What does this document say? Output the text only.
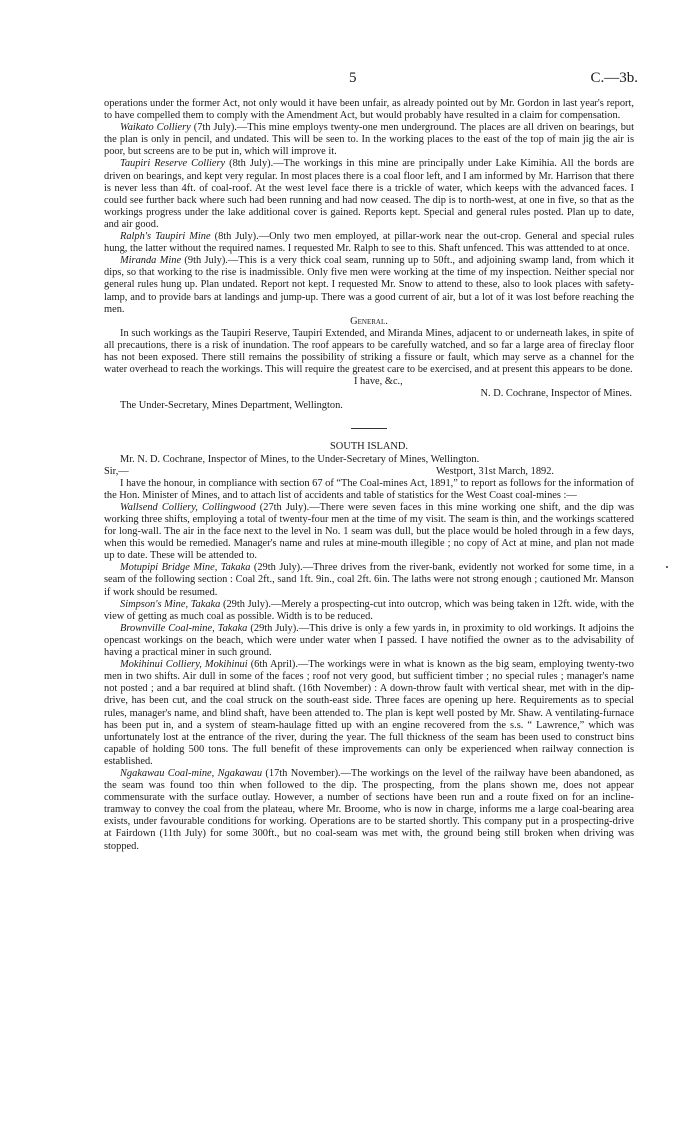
5	C.—3b.

operations under the former Act, not only would it have been unfair, as already pointed out by Mr. Gordon in last year's report, to have compelled them to comply with the Amendment Act, but would probably have resulted in a claim for compensation.

Waikato Colliery (7th July).—This mine employs twenty-one men underground. The places are all driven on bearings, but the plan is only in pencil, and undated. This will be seen to. In the working places to the east of the top of main jig the air is poor, but screens are to be put in, which will improve it.

Taupiri Reserve Colliery (8th July).—The workings in this mine are principally under Lake Kimihia. All the bords are driven on bearings, and kept very regular. In most places there is a coal floor left, and I am informed by Mr. Harrison that there is never less than 4ft. of coal-roof. At the west level face there is a trickle of water, which keeps with the advanced faces. I could see further back where such had been running and had now ceased. The dip is to north-west, at one in five, so that as the workings progress under the lake additional cover is gained. Reports kept. Special and general rules posted. Plan up to date, and air good.

Ralph's Taupiri Mine (8th July).—Only two men employed, at pillar-work near the out-crop. General and special rules hung, the latter without the required names. I requested Mr. Ralph to see to this. Shaft unfenced. This was atttended to at once.

Miranda Mine (9th July).—This is a very thick coal seam, running up to 50ft., and adjoining swamp land, from which it dips, so that working to the rise is inadmissible. Only five men were working at the time of my inspection. Neither special nor general rules hung up. Plan undated. Report not kept. I requested Mr. Snow to attend to these, also to look places with safety-lamp, and to provide bars at landings and jump-up. There was a good current of air, but a lot of it was lost before reaching the men.

General.

In such workings as the Taupiri Reserve, Taupiri Extended, and Miranda Mines, adjacent to or underneath lakes, in spite of all precautions, there is a risk of inundation. The roof appears to be carefully watched, and so far a large area of fireclay floor has not been exposed. There still remains the possibility of striking a fissure or fault, which may serve as a channel for the water overhead to reach the workings. This will require the greatest care to be exercised, and at present this appears to be done.

I have, &c.,

N. D. Cochrane, Inspector of Mines.

The Under-Secretary, Mines Department, Wellington.

SOUTH ISLAND.

Mr. N. D. Cochrane, Inspector of Mines, to the Under-Secretary of Mines, Wellington.

Sir,—	Westport, 31st March, 1892.

I have the honour, in compliance with section 67 of “The Coal-mines Act, 1891,” to report as follows for the information of the Hon. Minister of Mines, and to attach list of accidents and table of statistics for the West Coast coal-mines :—

Wallsend Colliery, Collingwood (27th July).—There were seven faces in this mine working one shift, and the dip was working three shifts, employing a total of twenty-four men at the time of my visit. The seam is thin, and the workings scattered for long-wall. The air in the face next to the level in No. 1 seam was dull, but the place would be holed through in a few days, when this would be remedied. Manager's name and rules at mine-mouth illegible ; no copy of Act at mine, and plan not made up to date. These will be attended to.

Motupipi Bridge Mine, Takaka (29th July).—Three drives from the river-bank, evidently not worked for some time, in a seam of the following section : Coal 2ft., sand 1ft. 9in., coal 2ft. 6in. The laths were not strong enough ; cautioned Mr. Manson if work should be resumed.

Simpson's Mine, Takaka (29th July).—Merely a prospecting-cut into outcrop, which was being taken in 12ft. wide, with the view of getting as much coal as possible. Width is to be reduced.

Brownville Coal-mine, Takaka (29th July).—This drive is only a few yards in, in proximity to old workings. It adjoins the opencast workings on the beach, which were under water when I passed. I have notified the owner as to the advisability of having a practical miner in such ground.

Mokihinui Colliery, Mokihinui (6th April).—The workings were in what is known as the big seam, employing twenty-two men in two shifts. Air dull in some of the faces ; roof not very good, but sufficient timber ; no special rules ; manager's name not posted ; and a bar required at blind shaft. (16th November) : A down-throw fault with vertical shear, met with in the dip-drive, has been cut, and the coal struck on the south-east side. Three faces are opening up here. Requirements as to special rules, manager's name, and blind shaft, have been attended to. The plan is kept well posted by Mr. Shaw. A ventilating-furnace has been put in, and a system of steam-haulage fitted up with an engine recovered from the s.s. “ Lawrence,” which was unfortunately lost at the entrance of the river, during the year. The full thickness of the seam has been used to construct bins capable of holding 500 tons. The full benefit of these improvements can only be experienced when railway connection is established.

Ngakawau Coal-mine, Ngakawau (17th November).—The workings on the level of the railway have been abandoned, as the seam was found too thin when followed to the dip. The prospecting, from the plans shown me, does not appear commensurate with the surface outlay. However, a number of sections have been run and a route fixed on for an incline-tramway to convey the coal from the plateau, where Mr. Broome, who is now in charge, informs me a large coal-bearing area exists, under favourable conditions for working. Operations are to be started shortly. This company put in a prospecting-drive at Fairdown (11th July) for some 300ft., but no coal-seam was met with, the ground being still broken when driving was stopped.
